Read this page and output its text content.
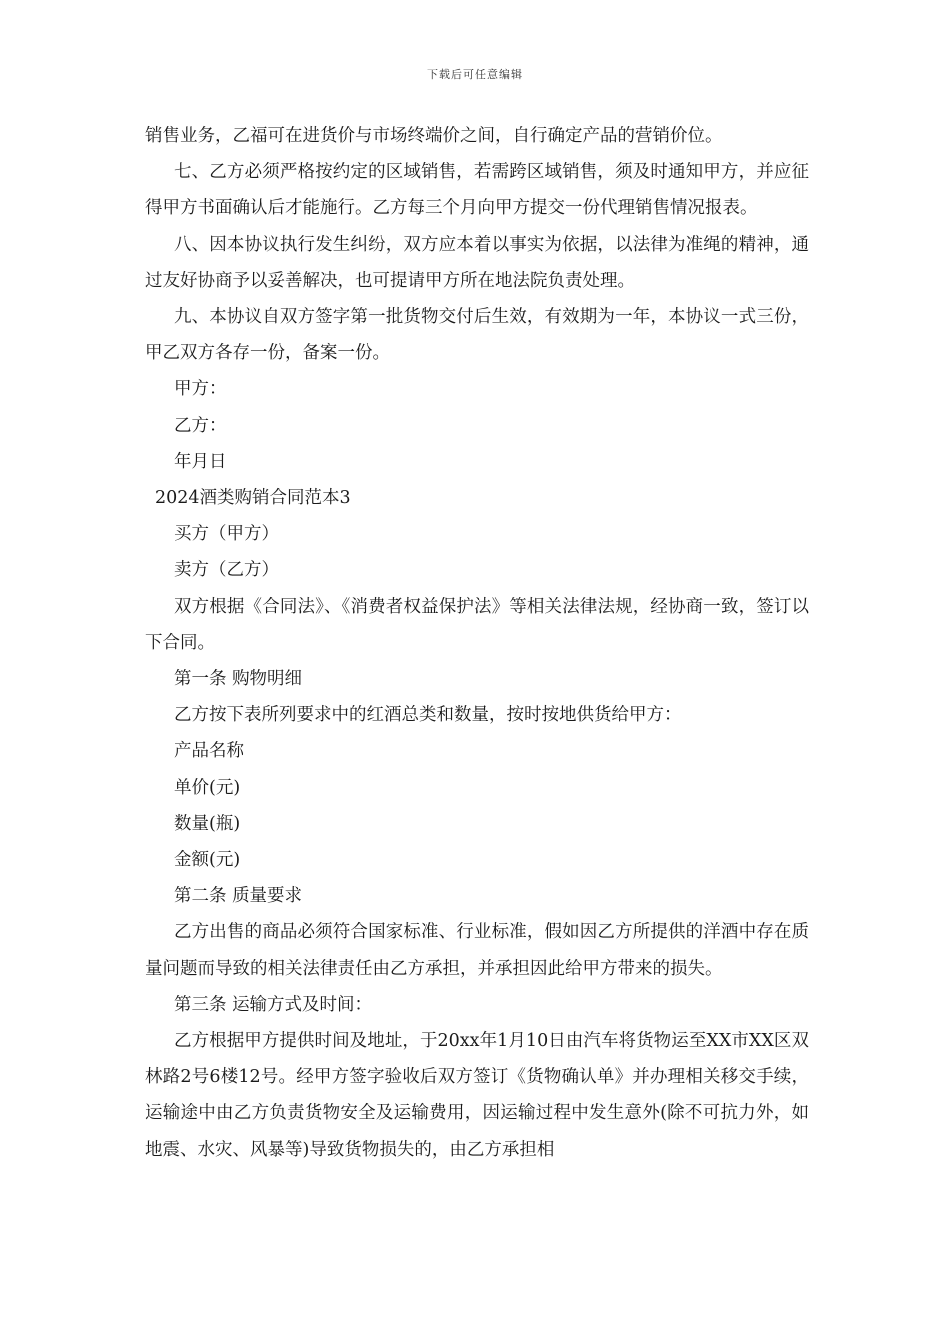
下载后可任意编辑

销售业务，乙福可在进货价与市场终端价之间，自行确定产品的营销价位。

七、乙方必须严格按约定的区域销售，若需跨区域销售，须及时通知甲方，并应征得甲方书面确认后才能施行。乙方每三个月向甲方提交一份代理销售情况报表。

八、因本协议执行发生纠纷，双方应本着以事实为依据，以法律为准绳的精神，通过友好协商予以妥善解决，也可提请甲方所在地法院负责处理。

九、本协议自双方签字第一批货物交付后生效，有效期为一年，本协议一式三份，甲乙双方各存一份，备案一份。

甲方：

乙方：

年月日

2024酒类购销合同范本3

买方（甲方）

卖方（乙方）

双方根据《合同法》、《消费者权益保护法》等相关法律法规，经协商一致，签订以下合同。

第一条 购物明细

乙方按下表所列要求中的红酒总类和数量，按时按地供货给甲方：

产品名称

单价(元)

数量(瓶)

金额(元)

第二条 质量要求

乙方出售的商品必须符合国家标准、行业标准，假如因乙方所提供的洋酒中存在质量问题而导致的相关法律责任由乙方承担，并承担因此给甲方带来的损失。

第三条 运输方式及时间：

乙方根据甲方提供时间及地址，于20xx年1月10日由汽车将货物运至XX市XX区双林路2号6楼12号。经甲方签字验收后双方签订《货物确认单》并办理相关移交手续，运输途中由乙方负责货物安全及运输费用，因运输过程中发生意外(除不可抗力外，如地震、水灾、风暴等)导致货物损失的，由乙方承担相
